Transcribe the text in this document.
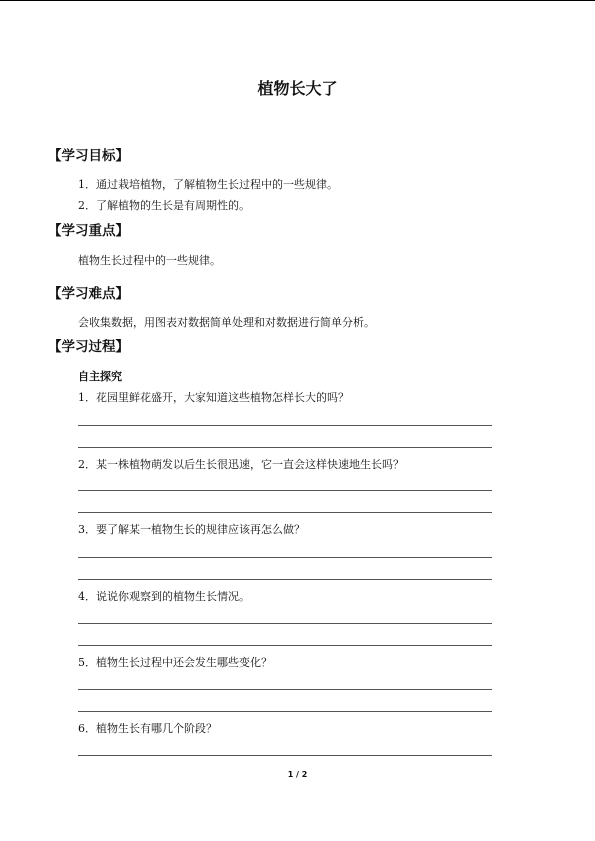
植物长大了
【学习目标】
1．通过栽培植物，了解植物生长过程中的一些规律。
2．了解植物的生长是有周期性的。
【学习重点】
植物生长过程中的一些规律。
【学习难点】
会收集数据，用图表对数据简单处理和对数据进行简单分析。
【学习过程】
自主探究
1．花园里鲜花盛开，大家知道这些植物怎样长大的吗？
2．某一株植物萌发以后生长很迅速，它一直会这样快速地生长吗？
3．要了解某一植物生长的规律应该再怎么做？
4．说说你观察到的植物生长情况。
5．植物生长过程中还会发生哪些变化？
6．植物生长有哪几个阶段？
1 / 2
